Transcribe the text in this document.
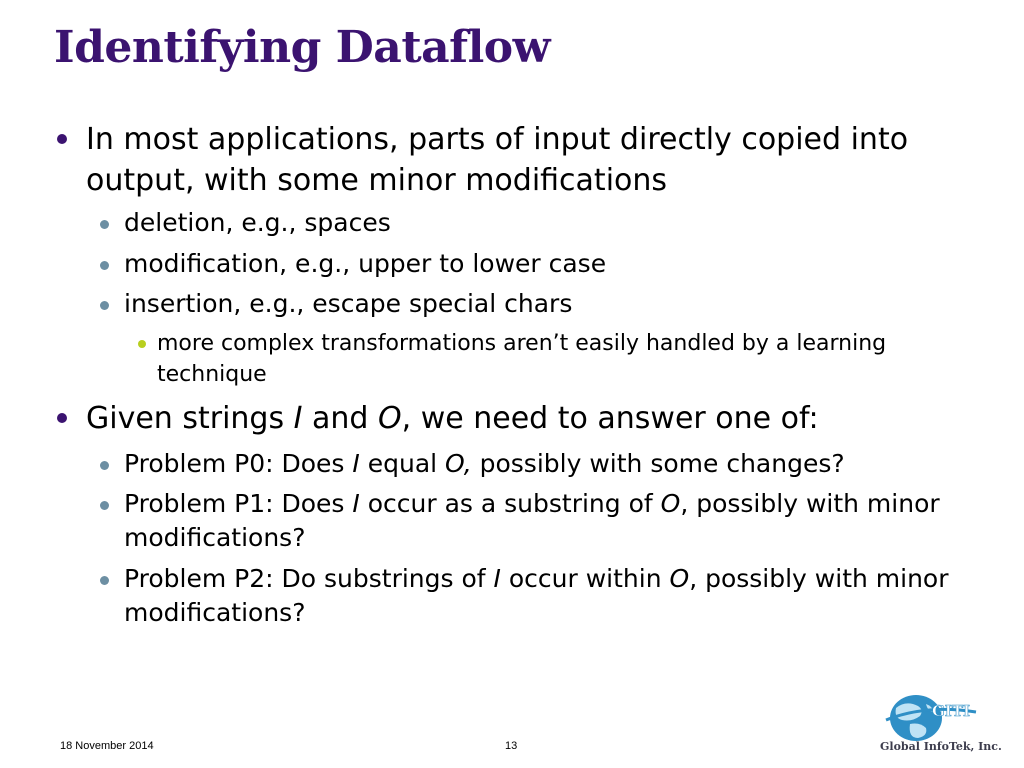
Identifying Dataflow
In most applications, parts of input directly copied into output, with some minor modifications
deletion, e.g., spaces
modification, e.g., upper to lower case
insertion, e.g., escape special chars
more complex transformations aren’t easily handled by a learning technique
Given strings I and O, we need to answer one of:
Problem P0: Does I equal O, possibly with some changes?
Problem P1: Does I occur as a substring of O, possibly with minor modifications?
Problem P2: Do substrings of I occur within O, possibly with minor modifications?
18 November 2014	13
GITI
Global InfoTek, Inc.
